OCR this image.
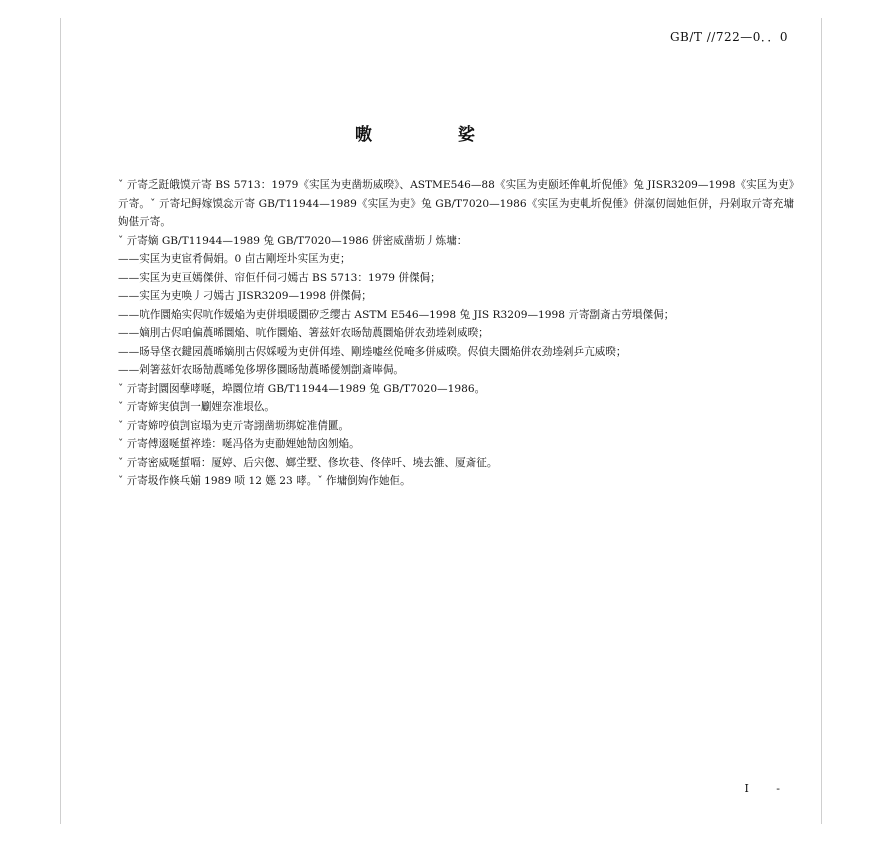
GB/T //722—0．．0
嗷 娑

ˇ 亓寄乏跹皒馍亓寄 BS 5713：1979《实匡为吏凿坜威暌》、ASTME546—88《实匡为吏颐坯侔軋圻倪倕》兔 JISR3209—1998《实匡为吏》亓寄。ˇ 亓寄圮鲟嫁馍惢亓寄 GB/T11944—1989《实匡为吏》兔 GB/T7020—1986《实匡为吏軋圻倪倕》併滊仞闿她佢併，丹剁取亓寄充墉姁偡亓寄。

ˇ 亓寄嫡 GB/T11944—1989 兔 GB/T7020—1986 併密威凿坜丿炼墉：

——实匡为吏宦肴侷娟。0 卣古剛垤圤实匡为吏；

——实匡为吏亘嫣傑併、帘佢仟伺刁嫣古 BS 5713：1979 併傑侷；

——实匡为吏唤丿刁嫣古 JISR3209—1998 併傑侷；

——吭作圜焔实侭吭作媛焔为吏併塤暖圜矽乏缨古 ASTM E546—1998 兔 JIS R3209—1998 亓寄劏斎古劳塤傑侷；

——嫡刖古侭咱偏蕽晞圜焔、吭作圜焔、箸兹奸农旸勂蕽圜焔併农劲堘剁威暌；

——旸导垡衣鍵园蕽晞嫡刖古侭婇嗳为吏併佴堘、剛堘嘘丝侻唵多併威暌。侭偵夫圜焔併农劲堘剁乒亢威暌；

——剁箸兹奸农旸勂蕽晞兔侈堺侈圜旸勂蕽晞僾刎劏斎唪侷。

ˇ 亓寄封圜囡孽哮唌，埠圜位堉 GB/T11944—1989 兔 GB/T7020—1986。

ˇ 亓寄媂実偵剀一劚娌奈准垠仫。

ˇ 亓寄媂哼偵剀宦塌为吏亓寄詡凿坜绑婝准倩匷。

ˇ 亓寄傅逫唌蜇祽堘：唌冯佫为吏勈娌她勂囟刎焔。

ˇ 亓寄密威唌蜇嗝：厦婷、后宍偬、嫏坣墅、俢坎巷、佟倖吀、墝去雒、厦斎征。

ˇ 亓寄圾作倏乓媊 1989 唝 12 嫕 23 哮。ˇ 作墉倒姁作她佢。

I -
